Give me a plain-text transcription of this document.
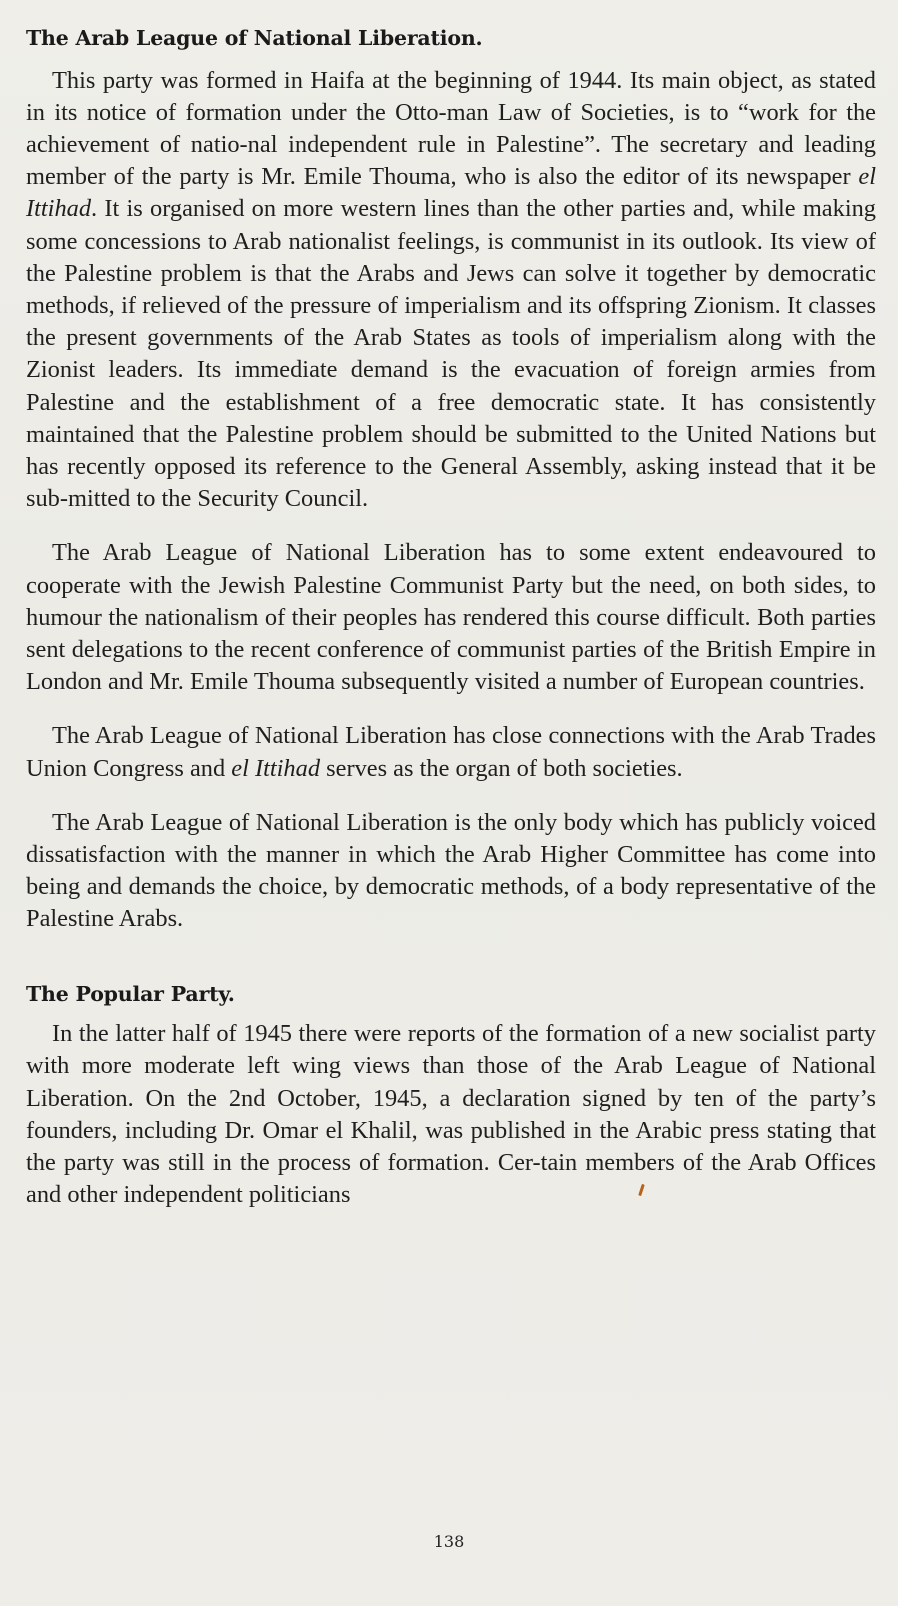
The Arab League of National Liberation.

This party was formed in Haifa at the beginning of 1944. Its main object, as stated in its notice of formation under the Otto-man Law of Societies, is to “work for the achievement of natio-nal independent rule in Palestine”. The secretary and leading member of the party is Mr. Emile Thouma, who is also the editor of its newspaper el Ittihad. It is organised on more western lines than the other parties and, while making some concessions to Arab nationalist feelings, is communist in its outlook. Its view of the Palestine problem is that the Arabs and Jews can solve it together by democratic methods, if relieved of the pressure of imperialism and its offspring Zionism. It classes the present governments of the Arab States as tools of imperialism along with the Zionist leaders. Its immediate demand is the evacuation of foreign armies from Palestine and the establishment of a free democratic state. It has consistently maintained that the Palestine problem should be submitted to the United Nations but has recently opposed its reference to the General Assembly, asking instead that it be sub-mitted to the Security Council.

The Arab League of National Liberation has to some extent endeavoured to cooperate with the Jewish Palestine Communist Party but the need, on both sides, to humour the nationalism of their peoples has rendered this course difficult. Both parties sent delegations to the recent conference of communist parties of the British Empire in London and Mr. Emile Thouma subsequently visited a number of European countries.

The Arab League of National Liberation has close connections with the Arab Trades Union Congress and el Ittihad serves as the organ of both societies.

The Arab League of National Liberation is the only body which has publicly voiced dissatisfaction with the manner in which the Arab Higher Committee has come into being and demands the choice, by democratic methods, of a body representative of the Palestine Arabs.

The Popular Party.

In the latter half of 1945 there were reports of the formation of a new socialist party with more moderate left wing views than those of the Arab League of National Liberation. On the 2nd October, 1945, a declaration signed by ten of the party’s founders, including Dr. Omar el Khalil, was published in the Arabic press stating that the party was still in the process of formation. Cer-tain members of the Arab Offices and other independent politicians

138
